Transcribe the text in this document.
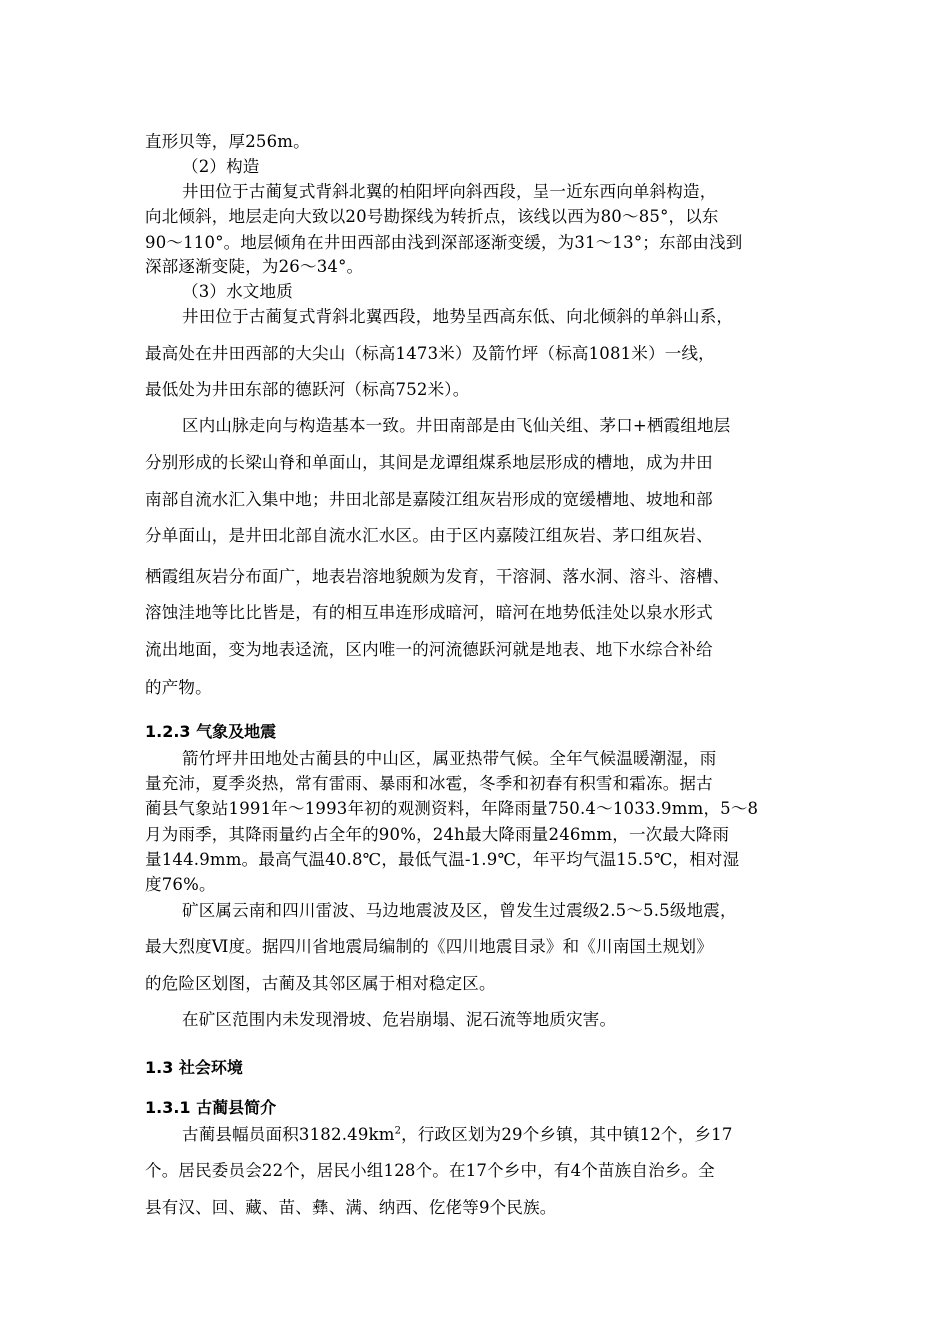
直形贝等，厚256m。
（2）构造
井田位于古蔺复式背斜北翼的柏阳坪向斜西段，呈一近东西向单斜构造，
向北倾斜，地层走向大致以20号勘探线为转折点，该线以西为80～85°，以东
90～110°。地层倾角在井田西部由浅到深部逐渐变缓，为31～13°；东部由浅到
深部逐渐变陡，为26～34°。
（3）水文地质
井田位于古蔺复式背斜北翼西段，地势呈西高东低、向北倾斜的单斜山系，
最高处在井田西部的大尖山（标高1473米）及箭竹坪（标高1081米）一线，
最低处为井田东部的德跃河（标高752米）。
区内山脉走向与构造基本一致。井田南部是由飞仙关组、茅口+栖霞组地层
分别形成的长梁山脊和单面山，其间是龙谭组煤系地层形成的槽地，成为井田
南部自流水汇入集中地；井田北部是嘉陵江组灰岩形成的宽缓槽地、坡地和部
分单面山，是井田北部自流水汇水区。由于区内嘉陵江组灰岩、茅口组灰岩、
栖霞组灰岩分布面广，地表岩溶地貌颇为发育，干溶洞、落水洞、溶斗、溶槽、
溶蚀洼地等比比皆是，有的相互串连形成暗河，暗河在地势低洼处以泉水形式
流出地面，变为地表迳流，区内唯一的河流德跃河就是地表、地下水综合补给
的产物。
1.2.3 气象及地震
箭竹坪井田地处古蔺县的中山区，属亚热带气候。全年气候温暖潮湿，雨
量充沛，夏季炎热，常有雷雨、暴雨和冰雹，冬季和初春有积雪和霜冻。据古
蔺县气象站1991年～1993年初的观测资料，年降雨量750.4～1033.9mm，5～8
月为雨季，其降雨量约占全年的90%，24h最大降雨量246mm，一次最大降雨
量144.9mm。最高气温40.8℃，最低气温-1.9℃，年平均气温15.5℃，相对湿
度76%。
矿区属云南和四川雷波、马边地震波及区，曾发生过震级2.5～5.5级地震，
最大烈度Ⅵ度。据四川省地震局编制的《四川地震目录》和《川南国土规划》
的危险区划图，古蔺及其邻区属于相对稳定区。
在矿区范围内未发现滑坡、危岩崩塌、泥石流等地质灾害。
1.3 社会环境
1.3.1 古蔺县简介
古蔺县幅员面积$3182.49km^2$，行政区划为29个乡镇，其中镇12个，乡17
个。居民委员会22个，居民小组128个。在17个乡中，有4个苗族自治乡。全
县有汉、回、藏、苗、彝、满、纳西、仡佬等9个民族。
